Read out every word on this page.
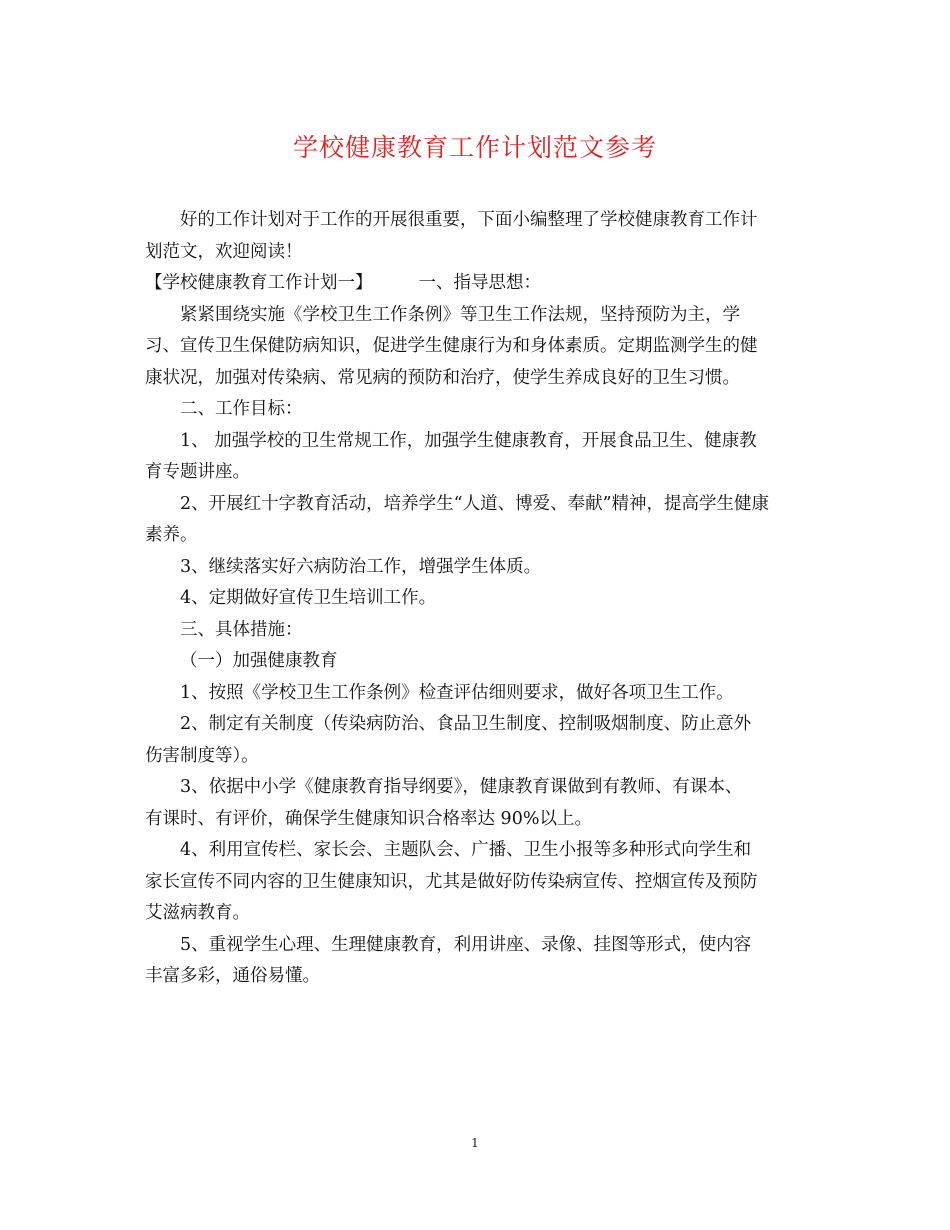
学校健康教育工作计划范文参考

好的工作计划对于工作的开展很重要，下面小编整理了学校健康教育工作计

划范文，欢迎阅读！

【学校健康教育工作计划一】	一、指导思想：

紧紧围绕实施《学校卫生工作条例》等卫生工作法规，坚持预防为主，学

习、宣传卫生保健防病知识，促进学生健康行为和身体素质。定期监测学生的健
康状况，加强对传染病、常见病的预防和治疗，使学生养成良好的卫生习惯。

二、工作目标：

1、 加强学校的卫生常规工作，加强学生健康教育，开展食品卫生、健康教

育专题讲座。

2、开展红十字教育活动，培养学生“人道、博爱、奉献”精神，提高学生健康

素养。

3、继续落实好六病防治工作，增强学生体质。

4、定期做好宣传卫生培训工作。

三、具体措施：

（一）加强健康教育

1、按照《学校卫生工作条例》检查评估细则要求，做好各项卫生工作。

2、制定有关制度（传染病防治、食品卫生制度、控制吸烟制度、防止意外

伤害制度等）。

3、依据中小学《健康教育指导纲要》，健康教育课做到有教师、有课本、

有课时、有评价，确保学生健康知识合格率达 90%以上。

4、利用宣传栏、家长会、主题队会、广播、卫生小报等多种形式向学生和

家长宣传不同内容的卫生健康知识，尤其是做好防传染病宣传、控烟宣传及预防

艾滋病教育。

5、重视学生心理、生理健康教育，利用讲座、录像、挂图等形式，使内容

丰富多彩，通俗易懂。

1
